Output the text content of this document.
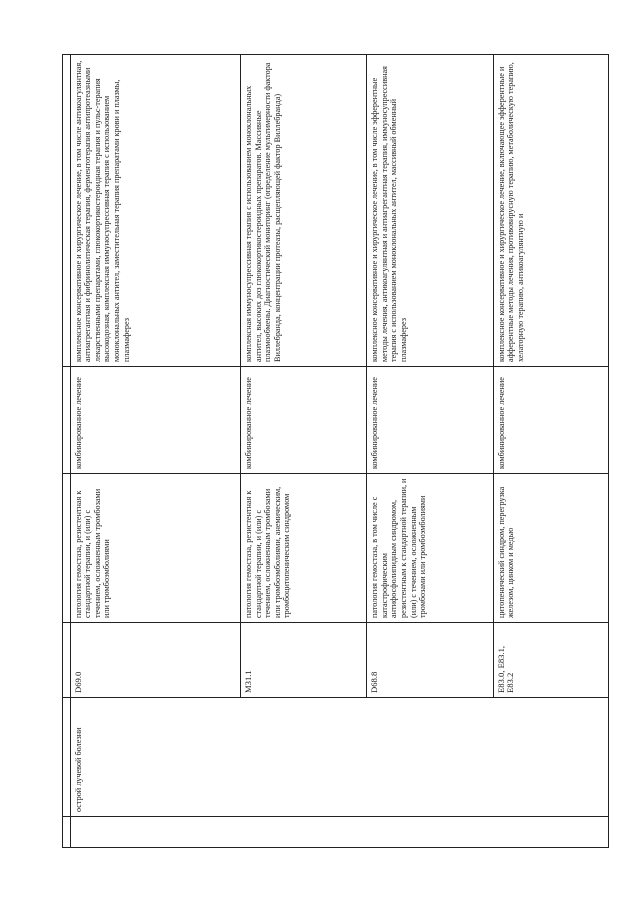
	острой лучевой болезни	D69.0	патология гемостаза, резистентная к стандартной терапии, и (или) с течением, осложненным тромбозами или тромбоэмболиями	комбинированное лечение	комплексное консервативное и хирургическое лечение, в том числе антикоагулянтная, антиагрегантная и фибринолитическая терапия, ферментотерапия антипротеазными лекарственными препаратами, глюкокортикостероидная терапия и пульс-терапия высокодозная, комплексная иммуносупрессивная терапия с использованием моноклональных антител, заместительная терапия препаратами крови и плазмы, плазмаферез
		M31.1	патология гемостаза, резистентная к стандартной терапии, и (или) с течением, осложненным тромбозами или тромбоэмболиями, анемическим, тромбоцитопеническим синдромом	комбинированное лечение	комплексная иммуносупрессивная терапия с использованием моноклональных антител, высоких доз глюкокортикостероидных препаратов. Массивные плазмообмены. Диагностический мониторинг (определение мультимерности фактора Виллебранда, концентрации протеазы, расщепляющей фактор Виллебранда)
		D68.8	патология гемостаза, в том числе с катастрофическим антифосфолипидным синдромом, резистентным к стандартной терапии, и (или) с течением, осложненным тромбозами или тромбоэмболиями	комбинированное лечение	комплексное консервативное и хирургическое лечение, в том числе эфферентные методы лечения, антикоагулянтная и антиагрегантная терапия, иммуносупрессивная терапия с использованием моноклональных антител, массивный обменный плазмаферез
		E83.0, E83.1, E83.2	цитопенический синдром, перегрузка железом, цинком и медью	комбинированное лечение	комплексное консервативное и хирургическое лечение, включающее эфферентные и афферентные методы лечения, противовирусную терапию, метаболическую терапию, хелаторную терапию, антикоагулянтную и
